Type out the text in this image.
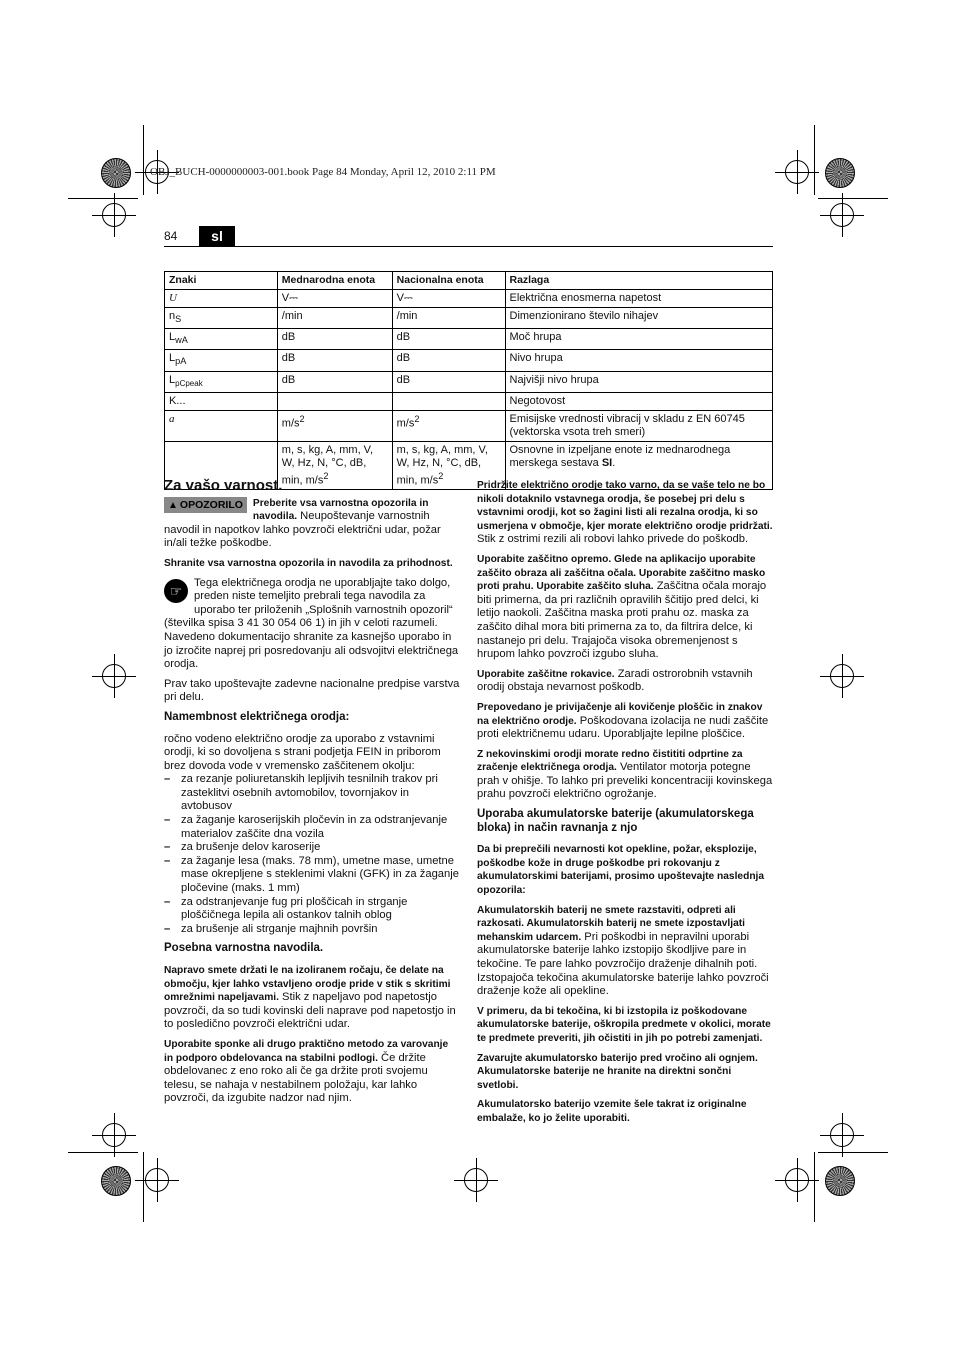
OBJ_BUCH-0000000003-001.book Page 84 Monday, April 12, 2010 2:11 PM
84	sl
Znaki	Mednarodna enota	Nacionalna enota	Razlaga
U	V⎓	V⎓	Električna enosmerna napetost
$n_S$	/min	/min	Dimenzionirano število nihajev
$L_{wA}$	dB	dB	Moč hrupa
$L_{pA}$	dB	dB	Nivo hrupa
$L_{pCpeak}$	dB	dB	Najvišji nivo hrupa
K...			Negotovost
a	$m/s^2$	$m/s^2$	Emisijske vrednosti vibracij v skladu z EN 60745 (vektorska vsota treh smeri)
	m, s, kg, A, mm, V, W, Hz, N, °C, dB, min, $m/s^2$	m, s, kg, A, mm, V, W, Hz, N, °C, dB, min, $m/s^2$	Osnovne in izpeljane enote iz mednarodnega merskega sestava SI.
Za vašo varnost.

▲ OPOZORILO Preberite vsa varnostna opozorila in navodila. Neupoštevanje varnostnih navodil in napotkov lahko povzroči električni udar, požar in/ali težke poškodbe.

Shranite vsa varnostna opozorila in navodila za prihodnost.

☞	Tega električnega orodja ne uporabljajte tako dolgo, preden niste temeljito prebrali tega navodila za uporabo ter priloženih „Splošnih varnostnih opozoril“ (številka spisa 3 41 30 054 06 1) in jih v celoti razumeli. Navedeno dokumentacijo shranite za kasnejšo uporabo in jo izročite naprej pri posredovanju ali odsvojitvi električnega orodja.

Prav tako upoštevajte zadevne nacionalne predpise varstva pri delu.

Namembnost električnega orodja:

ročno vodeno električno orodje za uporabo z vstavnimi orodji, ki so dovoljena s strani podjetja FEIN in priborom brez dovoda vode v vremensko zaščitenem okolju:

– za rezanje poliuretanskih lepljivih tesnilnih trakov pri zasteklitvi osebnih avtomobilov, tovornjakov in avtobusov
– za žaganje karoserijskih pločevin in za odstranjevanje materialov zaščite dna vozila
– za brušenje delov karoserije
– za žaganje lesa (maks. 78 mm), umetne mase, umetne mase okrepljene s steklenimi vlakni (GFK) in za žaganje pločevine (maks. 1 mm)
– za odstranjevanje fug pri ploščicah in strganje ploščičnega lepila ali ostankov talnih oblog
– za brušenje ali strganje majhnih površin
Posebna varnostna navodila.

Napravo smete držati le na izoliranem ročaju, če delate na območju, kjer lahko vstavljeno orodje pride v stik s skritimi omrežnimi napeljavami. Stik z napeljavo pod napetostjo povzroči, da so tudi kovinski deli naprave pod napetostjo in to posledično povzroči električni udar.

Uporabite sponke ali drugo praktično metodo za varovanje in podporo obdelovanca na stabilni podlogi. Če držite obdelovanec z eno roko ali če ga držite proti svojemu telesu, se nahaja v nestabilnem položaju, kar lahko povzroči, da izgubite nadzor nad njim.

Pridržite električno orodje tako varno, da se vaše telo ne bo nikoli dotaknilo vstavnega orodja, še posebej pri delu s vstavnimi orodji, kot so žagini listi ali rezalna orodja, ki so usmerjena v območje, kjer morate električno orodje pridržati. Stik z ostrimi rezili ali robovi lahko privede do poškodb.

Uporabite zaščitno opremo. Glede na aplikacijo uporabite zaščito obraza ali zaščitna očala. Uporabite zaščitno masko proti prahu. Uporabite zaščito sluha. Zaščitna očala morajo biti primerna, da pri različnih opravilih ščitijo pred delci, ki letijo naokoli. Zaščitna maska proti prahu oz. maska za zaščito dihal mora biti primerna za to, da filtrira delce, ki nastanejo pri delu. Trajajoča visoka obremenjenost s hrupom lahko povzroči izgubo sluha.

Uporabite zaščitne rokavice. Zaradi ostrorobnih vstavnih orodij obstaja nevarnost poškodb.

Prepovedano je privijačenje ali kovičenje ploščic in znakov na električno orodje. Poškodovana izolacija ne nudi zaščite proti električnemu udaru. Uporabljajte lepilne ploščice.

Z nekovinskimi orodji morate redno čistititi odprtine za zračenje električnega orodja. Ventilator motorja potegne prah v ohišje. To lahko pri preveliki koncentraciji kovinskega prahu povzroči električno ogrožanje.

Uporaba akumulatorske baterije (akumulatorskega bloka) in način ravnanja z njo

Da bi preprečili nevarnosti kot opekline, požar, eksplozije, poškodbe kože in druge poškodbe pri rokovanju z akumulatorskimi baterijami, prosimo upoštevajte naslednja opozorila:

Akumulatorskih baterij ne smete razstaviti, odpreti ali razkosati. Akumulatorskih baterij ne smete izpostavljati mehanskim udarcem. Pri poškodbi in nepravilni uporabi akumulatorske baterije lahko izstopijo škodljive pare in tekočine. Te pare lahko povzročijo draženje dihalnih poti. Izstopajoča tekočina akumulatorske baterije lahko povzroči draženje kože ali opekline.

V primeru, da bi tekočina, ki bi izstopila iz poškodovane akumulatorske baterije, oškropila predmete v okolici, morate te predmete preveriti, jih očistiti in jih po potrebi zamenjati.

Zavarujte akumulatorsko baterijo pred vročino ali ognjem. Akumulatorske baterije ne hranite na direktni sončni svetlobi.

Akumulatorsko baterijo vzemite šele takrat iz originalne embalaže, ko jo želite uporabiti.
